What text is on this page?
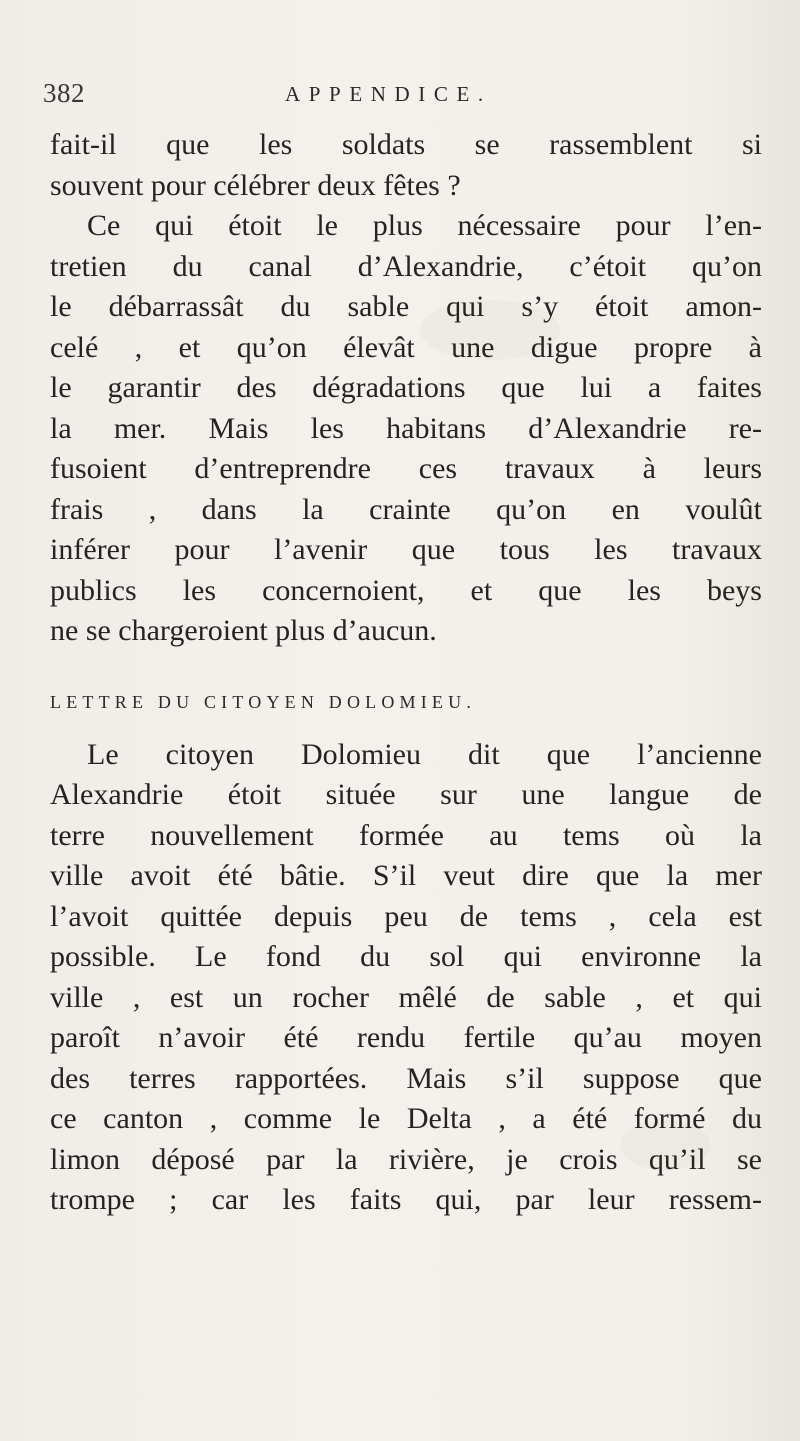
382	APPENDICE.
fait-il que les soldats se rassemblent si
souvent pour célébrer deux fêtes ?
Ce qui étoit le plus nécessaire pour l’en-
tretien du canal d’Alexandrie, c’étoit qu’on
le débarrassât du sable qui s’y étoit amon-
celé , et qu’on élevât une digue propre à
le garantir des dégradations que lui a faites
la mer. Mais les habitans d’Alexandrie re-
fusoient d’entreprendre ces travaux à leurs
frais , dans la crainte qu’on en voulût
inférer pour l’avenir que tous les travaux
publics les concernoient, et que les beys
ne se chargeroient plus d’aucun.
LETTRE DU CITOYEN DOLOMIEU.
Le citoyen Dolomieu dit que l’ancienne
Alexandrie étoit située sur une langue de
terre nouvellement formée au tems où la
ville avoit été bâtie. S’il veut dire que la mer
l’avoit quittée depuis peu de tems , cela est
possible. Le fond du sol qui environne la
ville , est un rocher mêlé de sable , et qui
paroît n’avoir été rendu fertile qu’au moyen
des terres rapportées. Mais s’il suppose que
ce canton , comme le Delta , a été formé du
limon déposé par la rivière, je crois qu’il se
trompe ; car les faits qui, par leur ressem-
